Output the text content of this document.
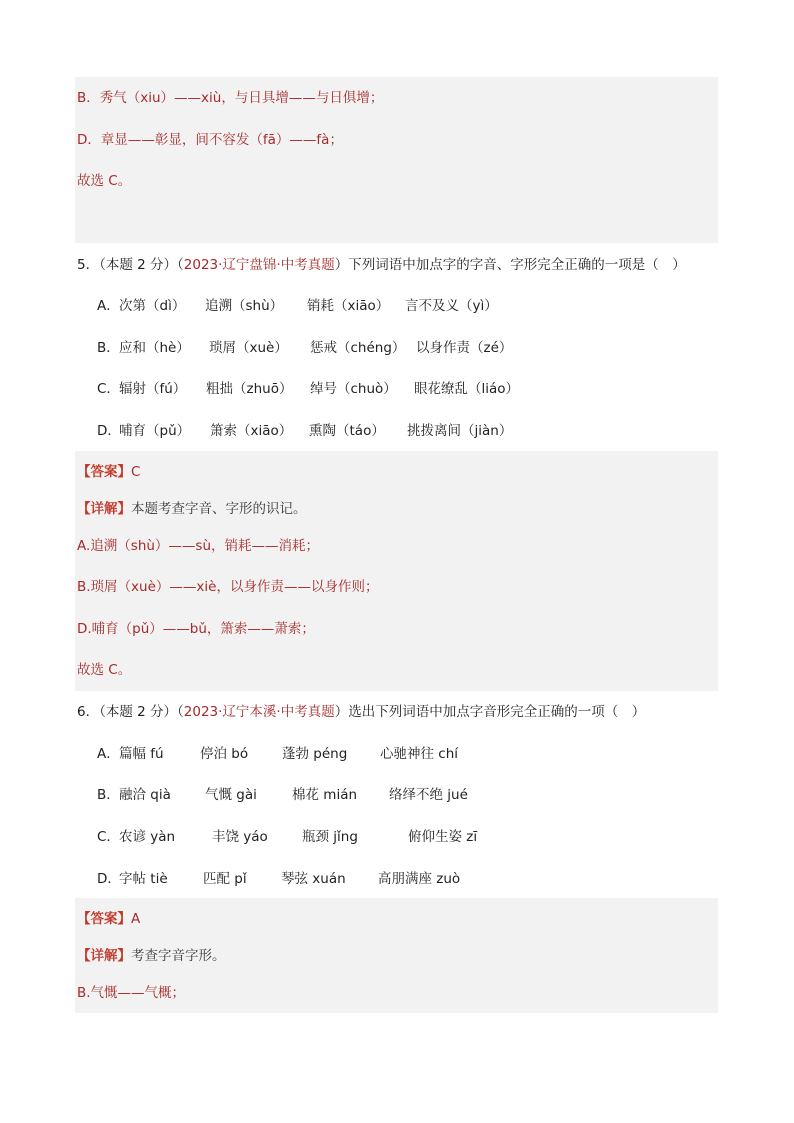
B．秀气（xiu）——xiù，与日具增——与日俱增；
D．章显——彰显，间不容发（fā）——fà；
故选 C。
5．（本题 2 分）（2023·辽宁盘锦·中考真题）下列词语中加点字的字音、字形完全正确的一项是（　）
A． 次第（dì） 追溯（shù） 销耗（xiāo） 言不及义（yì）
B． 应和（hè） 琐屑（xuè） 惩戒（chéng） 以身作责（zé）
C． 辐射（fú） 粗拙（zhuō） 绰号（chuò） 眼花缭乱（liáo）
D．
哺育（pǔ） 箫索（xiāo） 熏陶（táo） 挑拨离间（jiàn）
【答案】C
【详解】本题考查字音、字形的识记。
A.追溯（shù）——sù，销耗——消耗；
B.琐屑（xuè）——xiè，以身作责——以身作则；
D.哺育（pǔ）——bǔ，箫索——萧索；
故选 C。
6．（本题 2 分）（2023·辽宁本溪·中考真题）选出下列词语中加点字音形完全正确的一项（　）
A． 篇幅 fú	停泊 bó	蓬勃 péng 心驰神往 chí
B． 融洽 qià	气慨 gài	棉花 mián 络绎不绝 jué
C． 农谚 yàn	丰饶 yáo	瓶颈 jǐng	俯仰生姿 zī
D．
字帖 tiè	匹配 pǐ	琴弦 xuán 高朋满座 zuò
【答案】A
【详解】考查字音字形。
B.气慨——气概；
